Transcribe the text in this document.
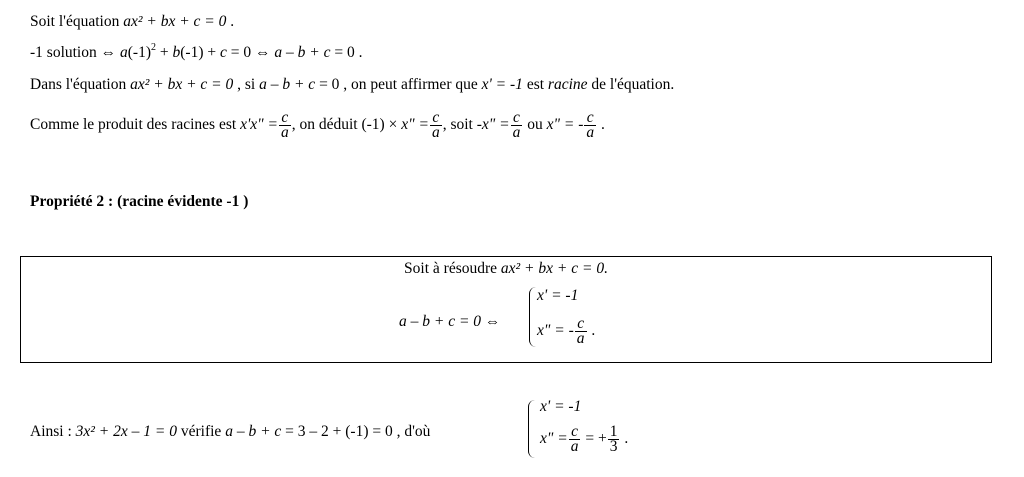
Soit l'équation ax² + bx + c = 0 .
-1 solution ⇔ $a(-1)^2 + b(-1) + c = 0$ ⇔ a – b + c = 0 .
Dans l'équation ax² + bx + c = 0 , si a – b + c = 0 , on peut affirmer que x' = -1 est racine de l'équation.
Comme le produit des racines est x'x" = $\frac{c}{a}$ , on déduit (-1) × x" = $\frac{c}{a}$ , soit -x" = $\frac{c}{a}$ ou x" = - $\frac{c}{a}$ .
Propriété 2 : (racine évidente -1 )
Soit à résoudre ax² + bx + c = 0.
a – b + c = 0 ⇔
x' = -1
x" = - $\frac{c}{a}$ .
Ainsi : 3x² + 2x – 1 = 0 vérifie a – b + c = 3 – 2 + (-1) = 0 , d'où
x' = -1
x" = $\frac{c}{a}$ = + $\frac{1}{3}$ .
